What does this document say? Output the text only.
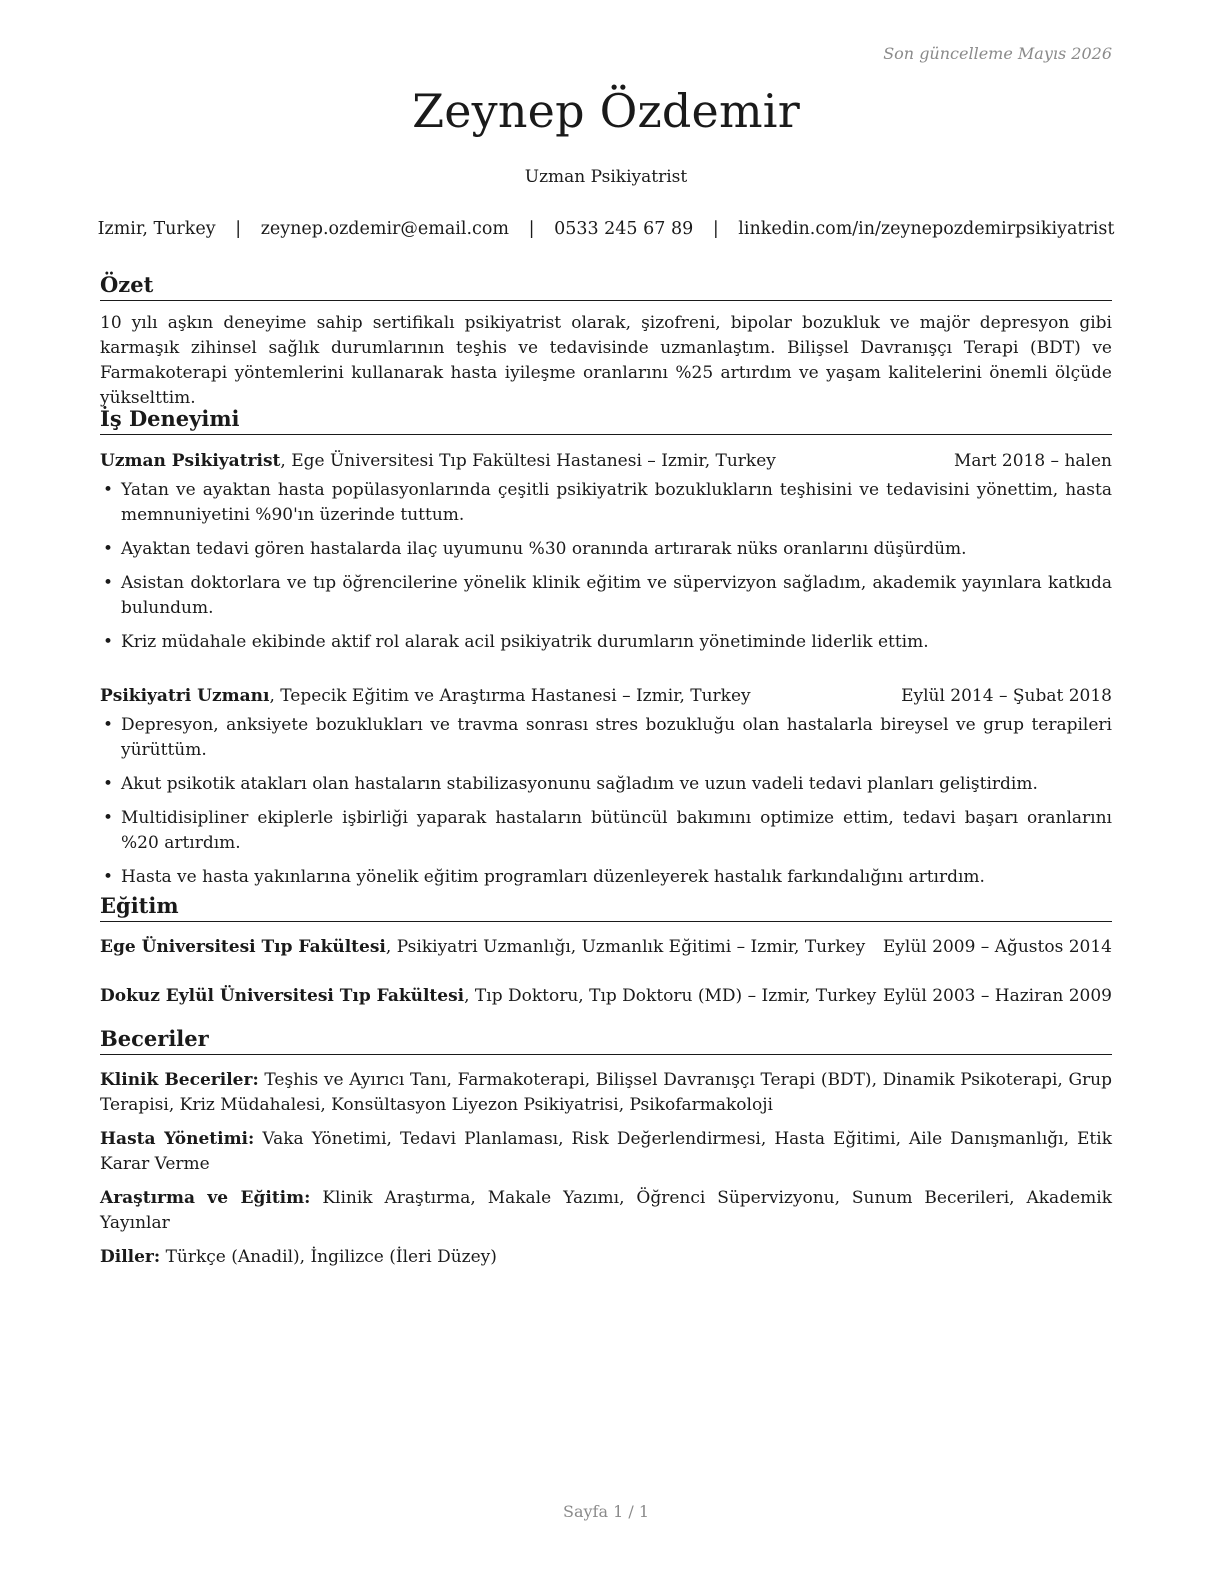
Son güncelleme Mayıs 2026
Zeynep Özdemir
Uzman Psikiyatrist
Izmir, Turkey | zeynep.ozdemir@email.com | 0533 245 67 89 | linkedin.com/in/zeynepozdemirpsikiyatrist
Özet

10 yılı aşkın deneyime sahip sertifikalı psikiyatrist olarak, şizofreni, bipolar bozukluk ve majör depresyon gibi karmaşık zihinsel sağlık durumlarının teşhis ve tedavisinde uzmanlaştım. Bilişsel Davranışçı Terapi (BDT) ve Farmakoterapi yöntemlerini kullanarak hasta iyileşme oranlarını %25 artırdım ve yaşam kalitelerini önemli ölçüde yükselttim.

İş Deneyimi
Uzman Psikiyatrist, Ege Üniversitesi Tıp Fakültesi Hastanesi – Izmir, Turkey	Mart 2018 – halen
• Yatan ve ayaktan hasta popülasyonlarında çeşitli psikiyatrik bozuklukların teşhisini ve tedavisini yönettim, hasta memnuniyetini %90'ın üzerinde tuttum.
• Ayaktan tedavi gören hastalarda ilaç uyumunu %30 oranında artırarak nüks oranlarını düşürdüm.
• Asistan doktorlara ve tıp öğrencilerine yönelik klinik eğitim ve süpervizyon sağladım, akademik yayınlara katkıda bulundum.
• Kriz müdahale ekibinde aktif rol alarak acil psikiyatrik durumların yönetiminde liderlik ettim.
Psikiyatri Uzmanı, Tepecik Eğitim ve Araştırma Hastanesi – Izmir, Turkey	Eylül 2014 – Şubat 2018
• Depresyon, anksiyete bozuklukları ve travma sonrası stres bozukluğu olan hastalarla bireysel ve grup terapileri yürüttüm.
• Akut psikotik atakları olan hastaların stabilizasyonunu sağladım ve uzun vadeli tedavi planları geliştirdim.
• Multidisipliner ekiplerle işbirliği yaparak hastaların bütüncül bakımını optimize ettim, tedavi başarı oranlarını %20 artırdım.
• Hasta ve hasta yakınlarına yönelik eğitim programları düzenleyerek hastalık farkındalığını artırdım.
Eğitim
Ege Üniversitesi Tıp Fakültesi, Psikiyatri Uzmanlığı, Uzmanlık Eğitimi – Izmir, Turkey Eylül 2009 – Ağustos 2014
Dokuz Eylül Üniversitesi Tıp Fakültesi, Tıp Doktoru, Tıp Doktoru (MD) – Izmir, Turkey Eylül 2003 – Haziran 2009
Beceriler

Klinik Beceriler: Teşhis ve Ayırıcı Tanı, Farmakoterapi, Bilişsel Davranışçı Terapi (BDT), Dinamik Psikoterapi, Grup Terapisi, Kriz Müdahalesi, Konsültasyon Liyezon Psikiyatrisi, Psikofarmakoloji

Hasta Yönetimi: Vaka Yönetimi, Tedavi Planlaması, Risk Değerlendirmesi, Hasta Eğitimi, Aile Danışmanlığı, Etik Karar Verme

Araştırma ve Eğitim: Klinik Araştırma, Makale Yazımı, Öğrenci Süpervizyonu, Sunum Becerileri, Akademik Yayınlar

Diller: Türkçe (Anadil), İngilizce (İleri Düzey)

Sayfa 1 / 1
